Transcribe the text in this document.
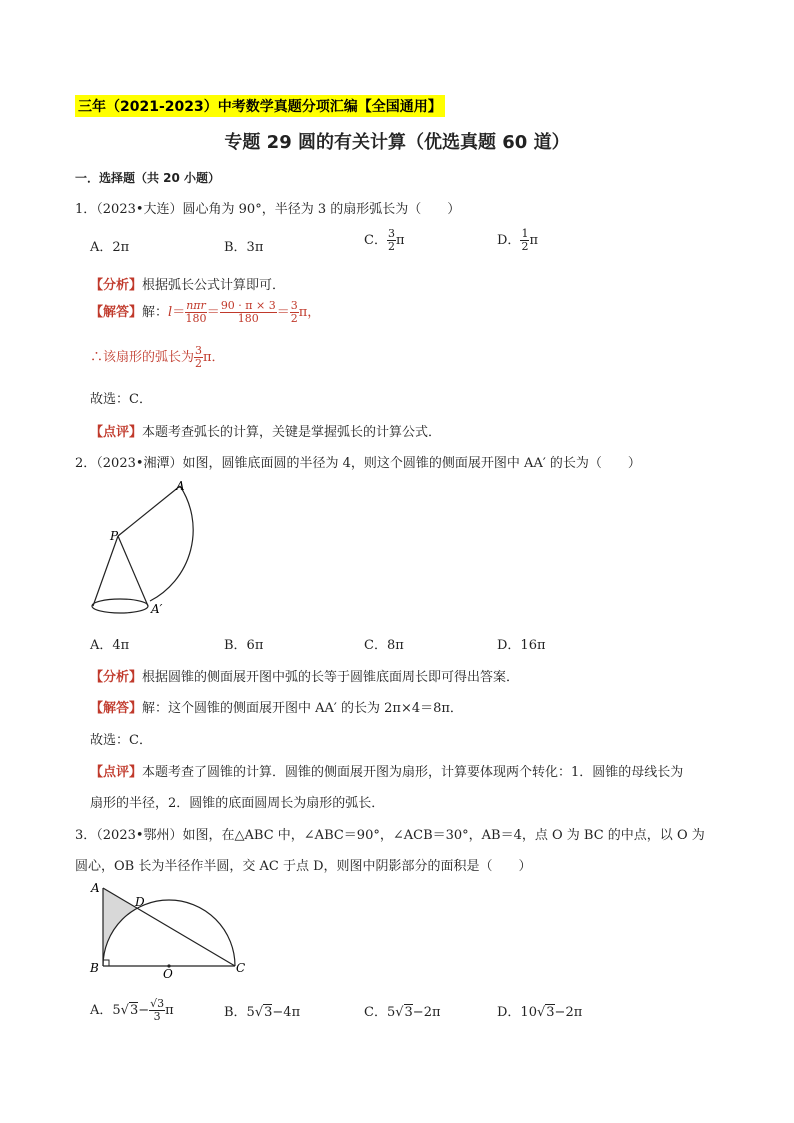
三年（2021-2023）中考数学真题分项汇编【全国通用】
专题 29 圆的有关计算（优选真题 60 道）
一．选择题（共 20 小题）
1．（2023•大连）圆心角为 90°，半径为 3 的扇形弧长为（　　）
A．2π	B．3π	C． $\frac{3}{2}$ π	D． $\frac{1}{2}$ π
【分析】根据弧长公式计算即可．
【解答】解：$l= \frac{\text{nπr}}{180} = \frac{90 \cdot \pi \times 3}{180} = \frac{3}{2}$ π，
∴该扇形的弧长为 $\frac{3}{2}$ π．
故选：C．
【点评】本题考查弧长的计算，关键是掌握弧长的计算公式．
2．（2023•湘潭）如图，圆锥底面圆的半径为 4，则这个圆锥的侧面展开图中 AA′ 的长为（　　）
A
P
A′
A．4π	B．6π	C．8π	D．16π
【分析】根据圆锥的侧面展开图中弧的长等于圆锥底面周长即可得出答案．
【解答】解：这个圆锥的侧面展开图中 AA′ 的长为 2π×4＝8π．
故选：C．
【点评】本题考查了圆锥的计算．圆锥的侧面展开图为扇形，计算要体现两个转化：1．圆锥的母线长为
扇形的半径，2．圆锥的底面圆周长为扇形的弧长．
3．（2023•鄂州）如图，在△ABC 中，∠ABC＝90°，∠ACB＝30°，AB＝4，点 O 为 BC 的中点，以 O 为
圆心，OB 长为半径作半圆，交 AC 于点 D，则图中阴影部分的面积是（　　）
A
D
B	O	C
A．$5√3- \frac{√3}{3}$ π	B．5√3−4π	C．5√3−2π	D．10√3−2π
